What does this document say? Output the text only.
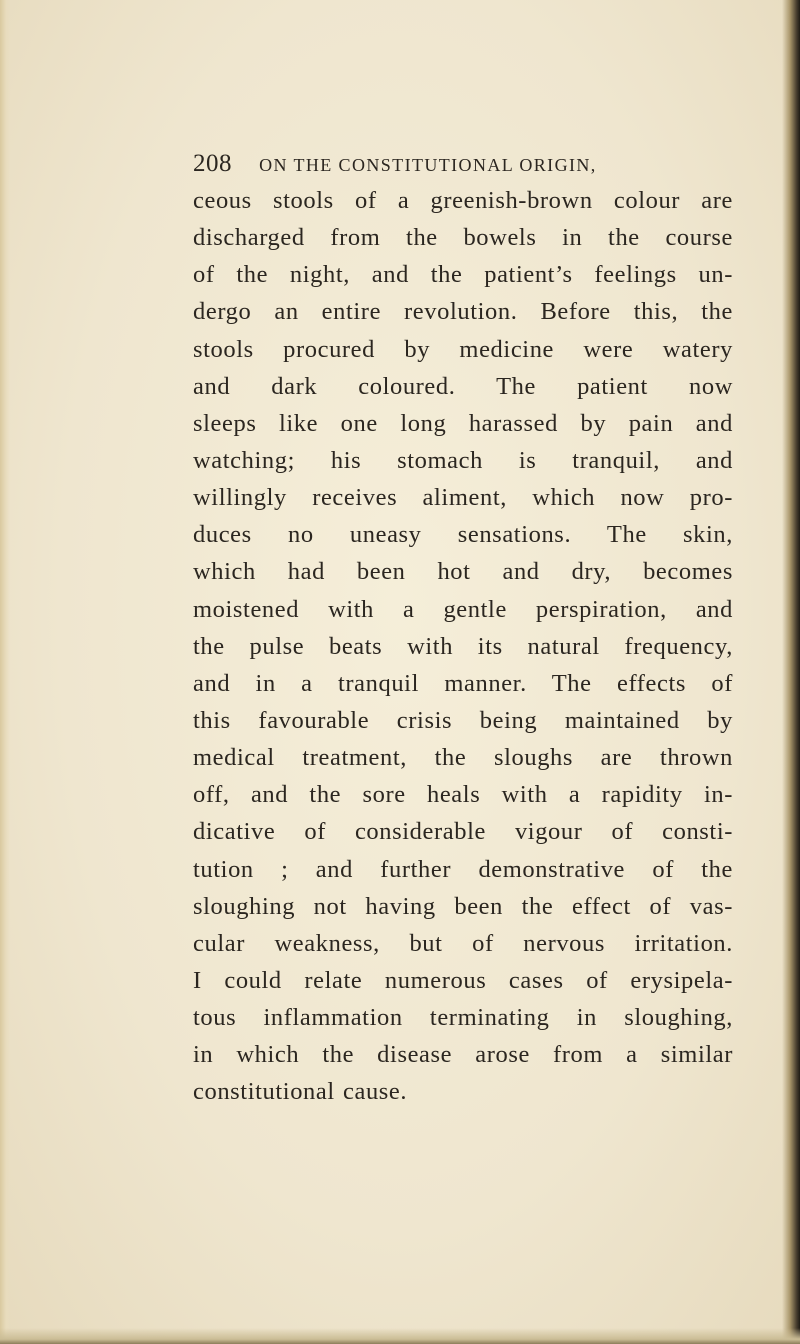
208 ON THE CONSTITUTIONAL ORIGIN,
ceous stools of a greenish-brown colour are
discharged from the bowels in the course
of the night, and the patient’s feelings un-
dergo an entire revolution. Before this, the
stools procured by medicine were watery
and dark coloured. The patient now
sleeps like one long harassed by pain and
watching; his stomach is tranquil, and
willingly receives aliment, which now pro-
duces no uneasy sensations. The skin,
which had been hot and dry, becomes
moistened with a gentle perspiration, and
the pulse beats with its natural frequency,
and in a tranquil manner. The effects of
this favourable crisis being maintained by
medical treatment, the sloughs are thrown
off, and the sore heals with a rapidity in-
dicative of considerable vigour of consti-
tution ; and further demonstrative of the
sloughing not having been the effect of vas-
cular weakness, but of nervous irritation.
I could relate numerous cases of erysipela-
tous inflammation terminating in sloughing,
in which the disease arose from a similar
constitutional cause.
